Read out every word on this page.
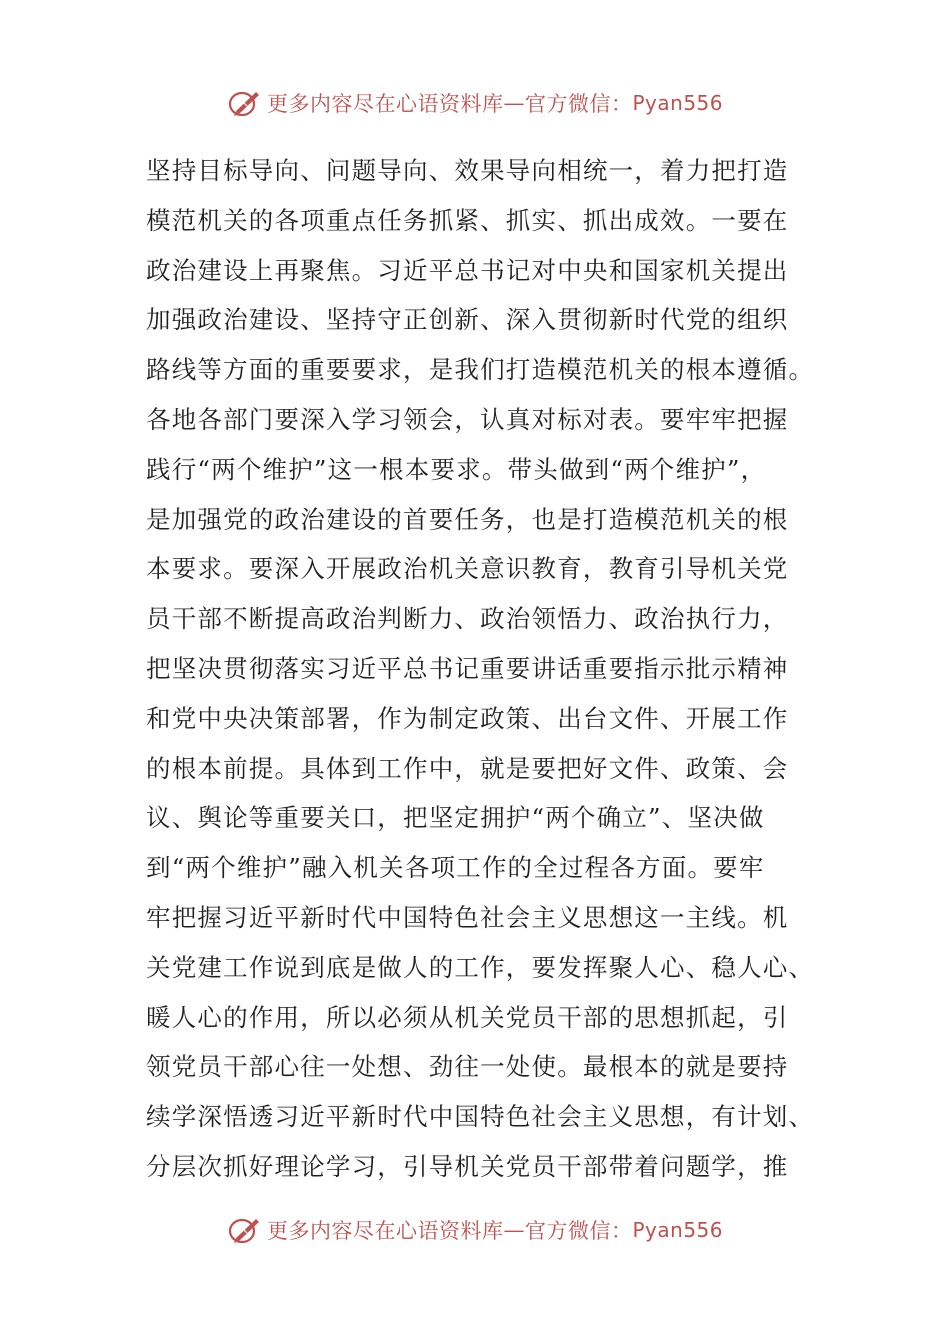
更多内容尽在心语资料库 — 官方微信： Pyan556
坚持目标导向、问题导向、效果导向相统一，着力把打造
模范机关的各项重点任务抓紧、抓实、抓出成效。一要在
政治建设上再聚焦。习近平总书记对中央和国家机关提出
加强政治建设、坚持守正创新、深入贯彻新时代党的组织
路线等方面的重要要求，是我们打造模范机关的根本遵循。
各地各部门要深入学习领会，认真对标对表。要牢牢把握
践行“两个维护”这一根本要求。带头做到“两个维护”，
是加强党的政治建设的首要任务，也是打造模范机关的根
本要求。要深入开展政治机关意识教育，教育引导机关党
员干部不断提高政治判断力、政治领悟力、政治执行力，
把坚决贯彻落实习近平总书记重要讲话重要指示批示精神
和党中央决策部署，作为制定政策、出台文件、开展工作
的根本前提。具体到工作中，就是要把好文件、政策、会
议、舆论等重要关口，把坚定拥护“两个确立”、坚决做
到“两个维护”融入机关各项工作的全过程各方面。要牢
牢把握习近平新时代中国特色社会主义思想这一主线。机
关党建工作说到底是做人的工作，要发挥聚人心、稳人心、
暖人心的作用，所以必须从机关党员干部的思想抓起，引
领党员干部心往一处想、劲往一处使。最根本的就是要持
续学深悟透习近平新时代中国特色社会主义思想，有计划、
分层次抓好理论学习，引导机关党员干部带着问题学，推
更多内容尽在心语资料库 — 官方微信： Pyan556
